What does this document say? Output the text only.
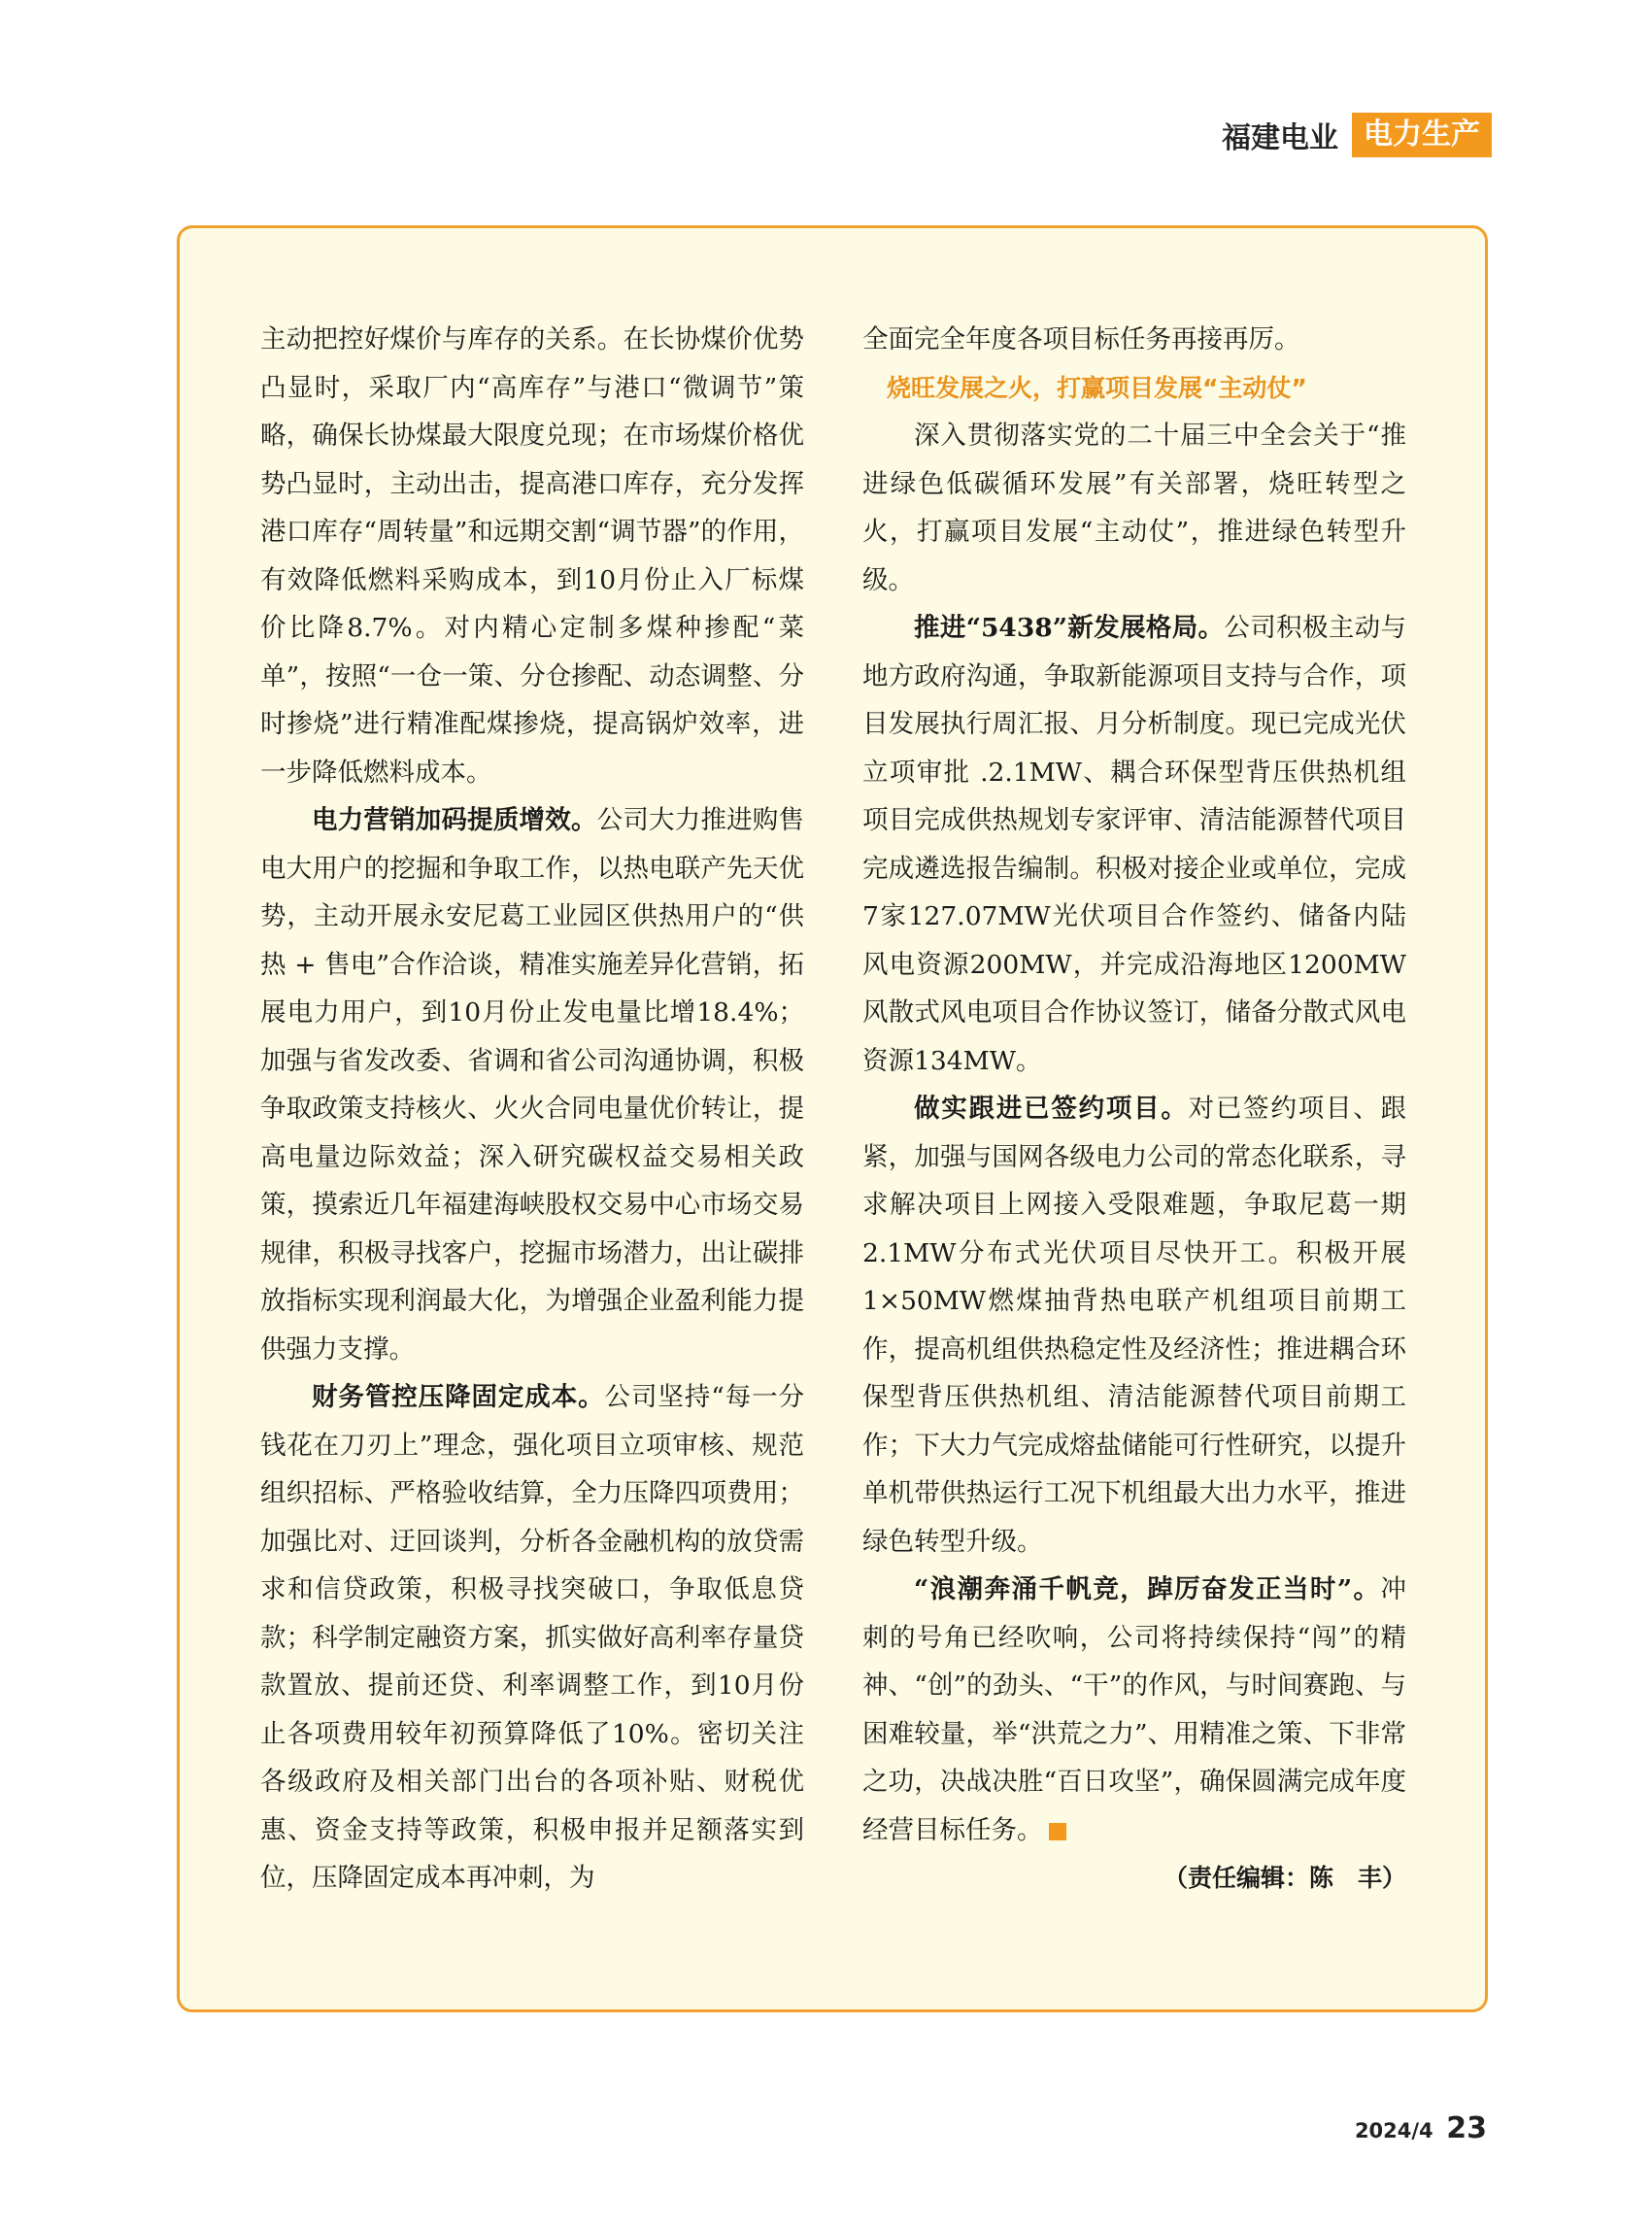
福建电业 电力生产

主动把控好煤价与库存的关系。在长协煤价优势凸显时，采取厂内“高库存”与港口“微调节”策略，确保长协煤最大限度兑现；在市场煤价格优势凸显时，主动出击，提高港口库存，充分发挥港口库存“周转量”和远期交割“调节器”的作用，有效降低燃料采购成本，到10月份止入厂标煤价比降8.7%。对内精心定制多煤种掺配“菜单”，按照“一仓一策、分仓掺配、动态调整、分时掺烧”进行精准配煤掺烧，提高锅炉效率，进一步降低燃料成本。

电力营销加码提质增效。公司大力推进购售电大用户的挖掘和争取工作，以热电联产先天优势，主动开展永安尼葛工业园区供热用户的“供热 + 售电”合作洽谈，精准实施差异化营销，拓展电力用户，到10月份止发电量比增18.4%；加强与省发改委、省调和省公司沟通协调，积极争取政策支持核火、火火合同电量优价转让，提高电量边际效益；深入研究碳权益交易相关政策，摸索近几年福建海峡股权交易中心市场交易规律，积极寻找客户，挖掘市场潜力，出让碳排放指标实现利润最大化，为增强企业盈利能力提供强力支撑。

财务管控压降固定成本。公司坚持“每一分钱花在刀刃上”理念，强化项目立项审核、规范组织招标、严格验收结算，全力压降四项费用；加强比对、迂回谈判，分析各金融机构的放贷需求和信贷政策，积极寻找突破口，争取低息贷款；科学制定融资方案，抓实做好高利率存量贷款置放、提前还贷、利率调整工作，到10月份止各项费用较年初预算降低了10%。密切关注各级政府及相关部门出台的各项补贴、财税优惠、资金支持等政策，积极申报并足额落实到位，压降固定成本再冲刺，为

全面完全年度各项目标任务再接再厉。

烧旺发展之火，打赢项目发展“主动仗”

深入贯彻落实党的二十届三中全会关于“推进绿色低碳循环发展”有关部署，烧旺转型之火，打赢项目发展“主动仗”，推进绿色转型升级。

推进“5438”新发展格局。公司积极主动与地方政府沟通，争取新能源项目支持与合作，项目发展执行周汇报、月分析制度。现已完成光伏立项审批 .2.1MW、耦合环保型背压供热机组项目完成供热规划专家评审、清洁能源替代项目完成遴选报告编制。积极对接企业或单位，完成7家127.07MW光伏项目合作签约、储备内陆风电资源200MW，并完成沿海地区1200MW风散式风电项目合作协议签订，储备分散式风电资源134MW。

做实跟进已签约项目。对已签约项目、跟紧，加强与国网各级电力公司的常态化联系，寻求解决项目上网接入受限难题，争取尼葛一期2.1MW分布式光伏项目尽快开工。积极开展1×50MW燃煤抽背热电联产机组项目前期工作，提高机组供热稳定性及经济性；推进耦合环保型背压供热机组、清洁能源替代项目前期工作；下大力气完成熔盐储能可行性研究，以提升单机带供热运行工况下机组最大出力水平，推进绿色转型升级。

“浪潮奔涌千帆竞，踔厉奋发正当时”。冲刺的号角已经吹响，公司将持续保持“闯”的精神、“创”的劲头、“干”的作风，与时间赛跑、与困难较量，举“洪荒之力”、用精准之策、下非常之功，决战决胜“百日攻坚”，确保圆满完成年度经营目标任务。

（责任编辑：陈　丰）

2024/4 23
